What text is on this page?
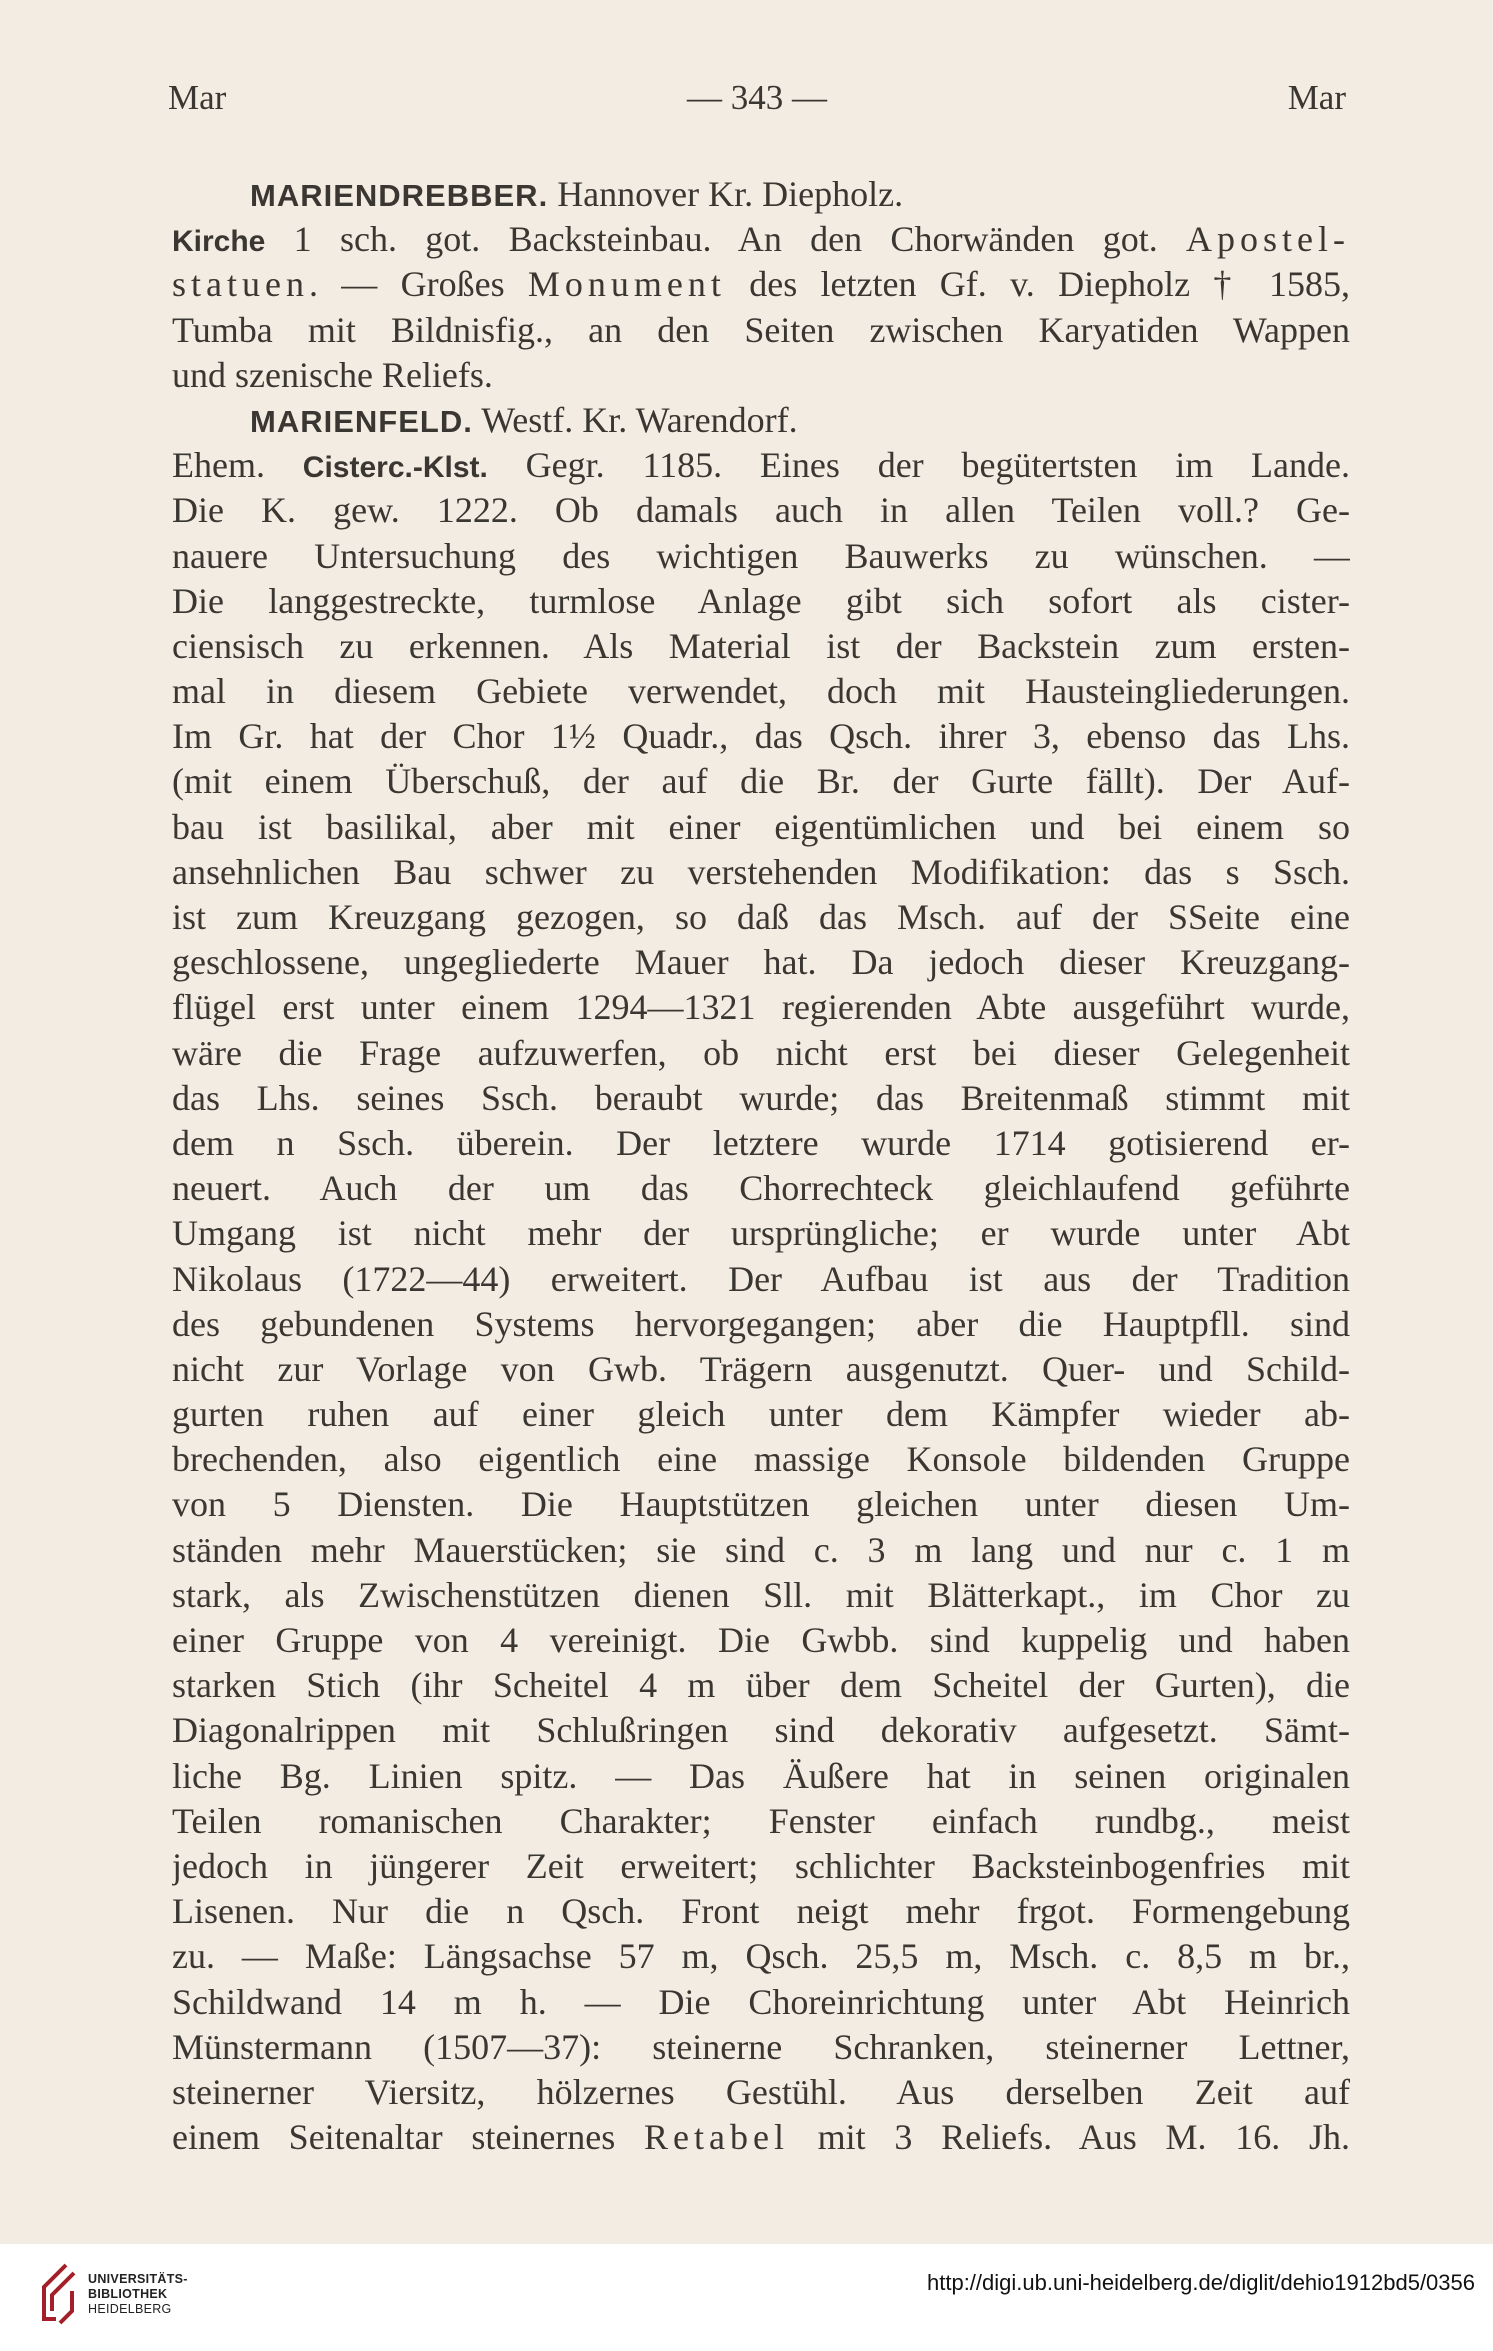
Mar	— 343 —	Mar
MARIENDREBBER. Hannover Kr. Diepholz.
Kirche 1 sch. got. Backsteinbau. An den Chorwänden got. Apostel-
statuen. — Großes Monument des letzten Gf. v. Diepholz † 1585,
Tumba mit Bildnisfig., an den Seiten zwischen Karyatiden Wappen
und szenische Reliefs.
MARIENFELD. Westf. Kr. Warendorf.
Ehem. Cisterc.-Klst. Gegr. 1185. Eines der begütertsten im Lande.
Die K. gew. 1222. Ob damals auch in allen Teilen voll.? Ge-
nauere Untersuchung des wichtigen Bauwerks zu wünschen. —
Die langgestreckte, turmlose Anlage gibt sich sofort als cister-
ciensisch zu erkennen. Als Material ist der Backstein zum ersten-
mal in diesem Gebiete verwendet, doch mit Hausteingliederungen.
Im Gr. hat der Chor 1½ Quadr., das Qsch. ihrer 3, ebenso das Lhs.
(mit einem Überschuß, der auf die Br. der Gurte fällt). Der Auf-
bau ist basilikal, aber mit einer eigentümlichen und bei einem so
ansehnlichen Bau schwer zu verstehenden Modifikation: das s Ssch.
ist zum Kreuzgang gezogen, so daß das Msch. auf der SSeite eine
geschlossene, ungegliederte Mauer hat. Da jedoch dieser Kreuzgang-
flügel erst unter einem 1294—1321 regierenden Abte ausgeführt wurde,
wäre die Frage aufzuwerfen, ob nicht erst bei dieser Gelegenheit
das Lhs. seines Ssch. beraubt wurde; das Breitenmaß stimmt mit
dem n Ssch. überein. Der letztere wurde 1714 gotisierend er-
neuert. Auch der um das Chorrechteck gleichlaufend geführte
Umgang ist nicht mehr der ursprüngliche; er wurde unter Abt
Nikolaus (1722—44) erweitert. Der Aufbau ist aus der Tradition
des gebundenen Systems hervorgegangen; aber die Hauptpfll. sind
nicht zur Vorlage von Gwb. Trägern ausgenutzt. Quer- und Schild-
gurten ruhen auf einer gleich unter dem Kämpfer wieder ab-
brechenden, also eigentlich eine massige Konsole bildenden Gruppe
von 5 Diensten. Die Hauptstützen gleichen unter diesen Um-
ständen mehr Mauerstücken; sie sind c. 3 m lang und nur c. 1 m
stark, als Zwischenstützen dienen Sll. mit Blätterkapt., im Chor zu
einer Gruppe von 4 vereinigt. Die Gwbb. sind kuppelig und haben
starken Stich (ihr Scheitel 4 m über dem Scheitel der Gurten), die
Diagonalrippen mit Schlußringen sind dekorativ aufgesetzt. Sämt-
liche Bg. Linien spitz. — Das Äußere hat in seinen originalen
Teilen romanischen Charakter; Fenster einfach rundbg., meist
jedoch in jüngerer Zeit erweitert; schlichter Backsteinbogenfries mit
Lisenen. Nur die n Qsch. Front neigt mehr frgot. Formengebung
zu. — Maße: Längsachse 57 m, Qsch. 25,5 m, Msch. c. 8,5 m br.,
Schildwand 14 m h. — Die Choreinrichtung unter Abt Heinrich
Münstermann (1507—37): steinerne Schranken, steinerner Lettner,
steinerner Viersitz, hölzernes Gestühl. Aus derselben Zeit auf
einem Seitenaltar steinernes Retabel mit 3 Reliefs. Aus M. 16. Jh.
UNIVERSITÄTS-
BIBLIOTHEK
HEIDELBERG
http://digi.ub.uni-heidelberg.de/diglit/dehio1912bd5/0356
